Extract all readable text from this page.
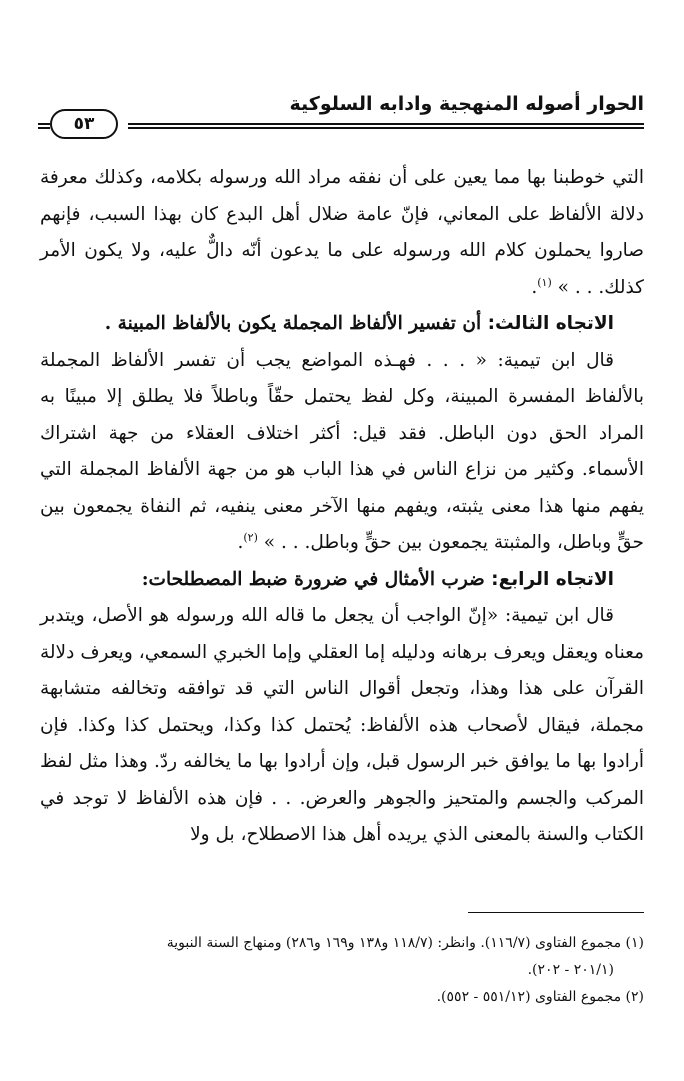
الحوار أصوله المنهجية وادابه السلوكية
٥٣

التي خوطبنا بها مما يعين على أن نفقه مراد الله ورسوله بكلامه، وكذلك معرفة دلالة الألفاظ على المعاني، فإنّ عامة ضلال أهل البدع كان بهذا السبب، فإنهم صاروا يحملون كلام الله ورسوله على ما يدعون أنّه دالٌّ عليه، ولا يكون الأمر كذلك. . . » $^{(١)}$.

الاتجاه الثالث: أن تفسير الألفاظ المجملة يكون بالألفاظ المبينة .

قال ابن تيمية: « . . . فهـذه المواضع يجب أن تفسر الألفاظ المجملة بالألفاظ المفسرة المبينة، وكل لفظ يحتمل حقّاً وباطلاً فلا يطلق إلا مبينًا به المراد الحق دون الباطل. فقد قيل: أكثر اختلاف العقلاء من جهة اشتراك الأسماء. وكثير من نزاع الناس في هذا الباب هو من جهة الألفاظ المجملة التي يفهم منها هذا معنى يثبته، ويفهم منها الآخر معنى ينفيه، ثم النفاة يجمعون بين حقٍّ وباطل، والمثبتة يجمعون بين حقٍّ وباطل. . . » $^{(٢)}$.

الاتجاه الرابع: ضرب الأمثال في ضرورة ضبط المصطلحات:

قال ابن تيمية: «إنّ الواجب أن يجعل ما قاله الله ورسوله هو الأصل، ويتدبر معناه ويعقل ويعرف برهانه ودليله إما العقلي وإما الخبري السمعي، ويعرف دلالة القرآن على هذا وهذا، وتجعل أقوال الناس التي قد توافقه وتخالفه متشابهة مجملة، فيقال لأصحاب هذه الألفاظ: يُحتمل كذا وكذا، ويحتمل كذا وكذا. فإن أرادوا بها ما يوافق خبر الرسول قبل، وإن أرادوا بها ما يخالفه ردّ. وهذا مثل لفظ المركب والجسم والمتحيز والجوهر والعرض. . . فإن هذه الألفاظ لا توجد في الكتاب والسنة بالمعنى الذي يريده أهل هذا الاصطلاح، بل ولا

(١) مجموع الفتاوى (١١٦/٧). وانظر: (١١٨/٧ و١٣٨ و١٦٩ و٢٨٦) ومنهاج السنة النبوية

(٢٠١/١ - ٢٠٢).

(٢) مجموع الفتاوى (٥٥١/١٢ - ٥٥٢).
